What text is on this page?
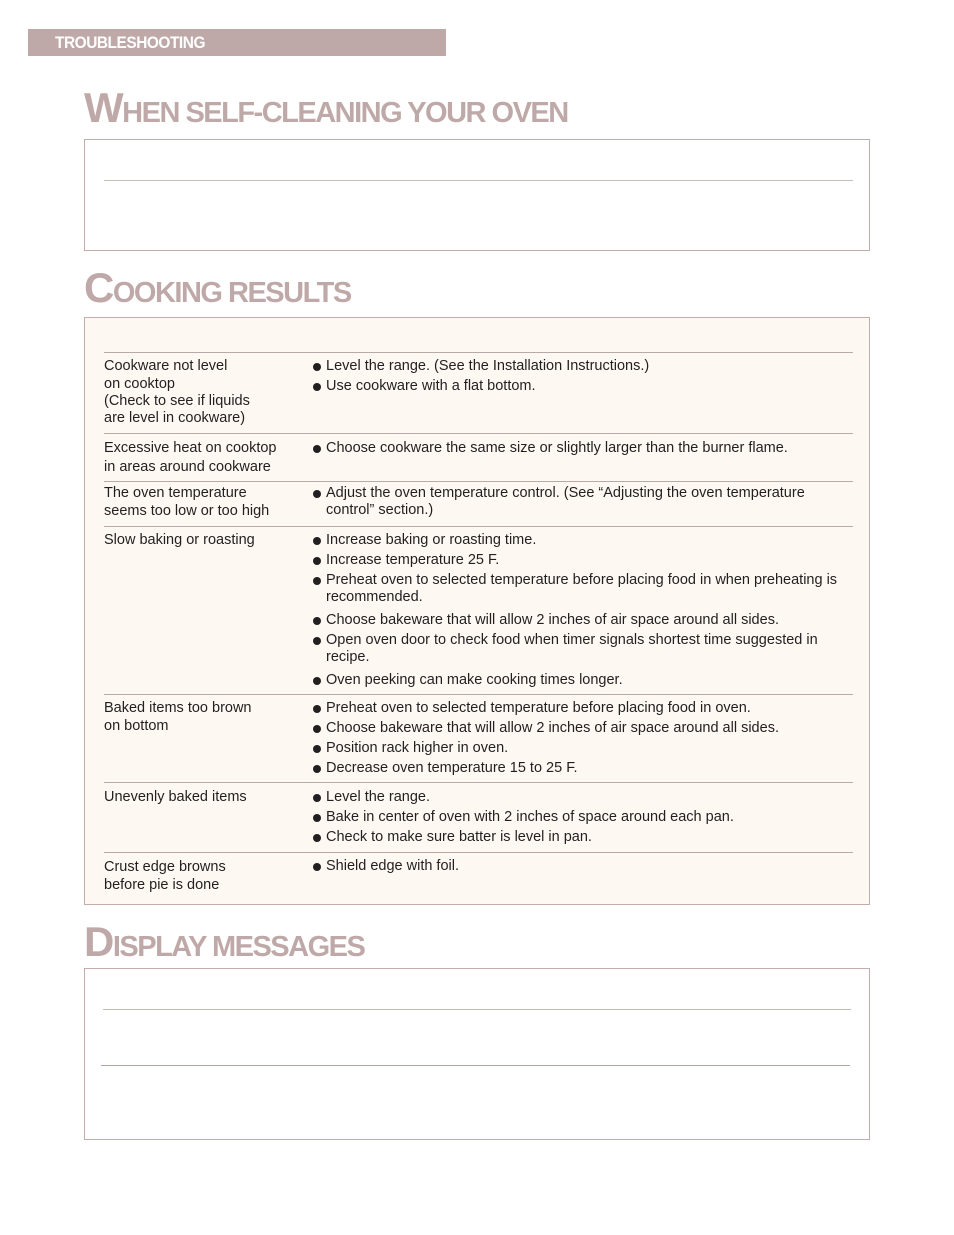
TROUBLESHOOTING
WHEN SELF-CLEANING YOUR OVEN
COOKING RESULTS
Cookware not level
on cooktop
(Check to see if liquids
are level in cookware)
Level the range. (See the Installation Instructions.)
Use cookware with a flat bottom.
Excessive heat on cooktop
in areas around cookware
Choose cookware the same size or slightly larger than the burner flame.
The oven temperature
seems too low or too high
Adjust the oven temperature control. (See “Adjusting the oven temperature control” section.)
Slow baking or roasting	Increase baking or roasting time.
Increase temperature 25 F.
Preheat oven to selected temperature before placing food in when preheating is recommended.
Choose bakeware that will allow 2 inches of air space around all sides.
Open oven door to check food when timer signals shortest time suggested in recipe.
Oven peeking can make cooking times longer.
Baked items too brown
on bottom
Preheat oven to selected temperature before placing food in oven.
Choose bakeware that will allow 2 inches of air space around all sides.
Position rack higher in oven.
Decrease oven temperature 15 to 25 F.
Unevenly baked items	Level the range.
Bake in center of oven with 2 inches of space around each pan.
Check to make sure batter is level in pan.
Crust edge browns
before pie is done
Shield edge with foil.
DISPLAY MESSAGES
